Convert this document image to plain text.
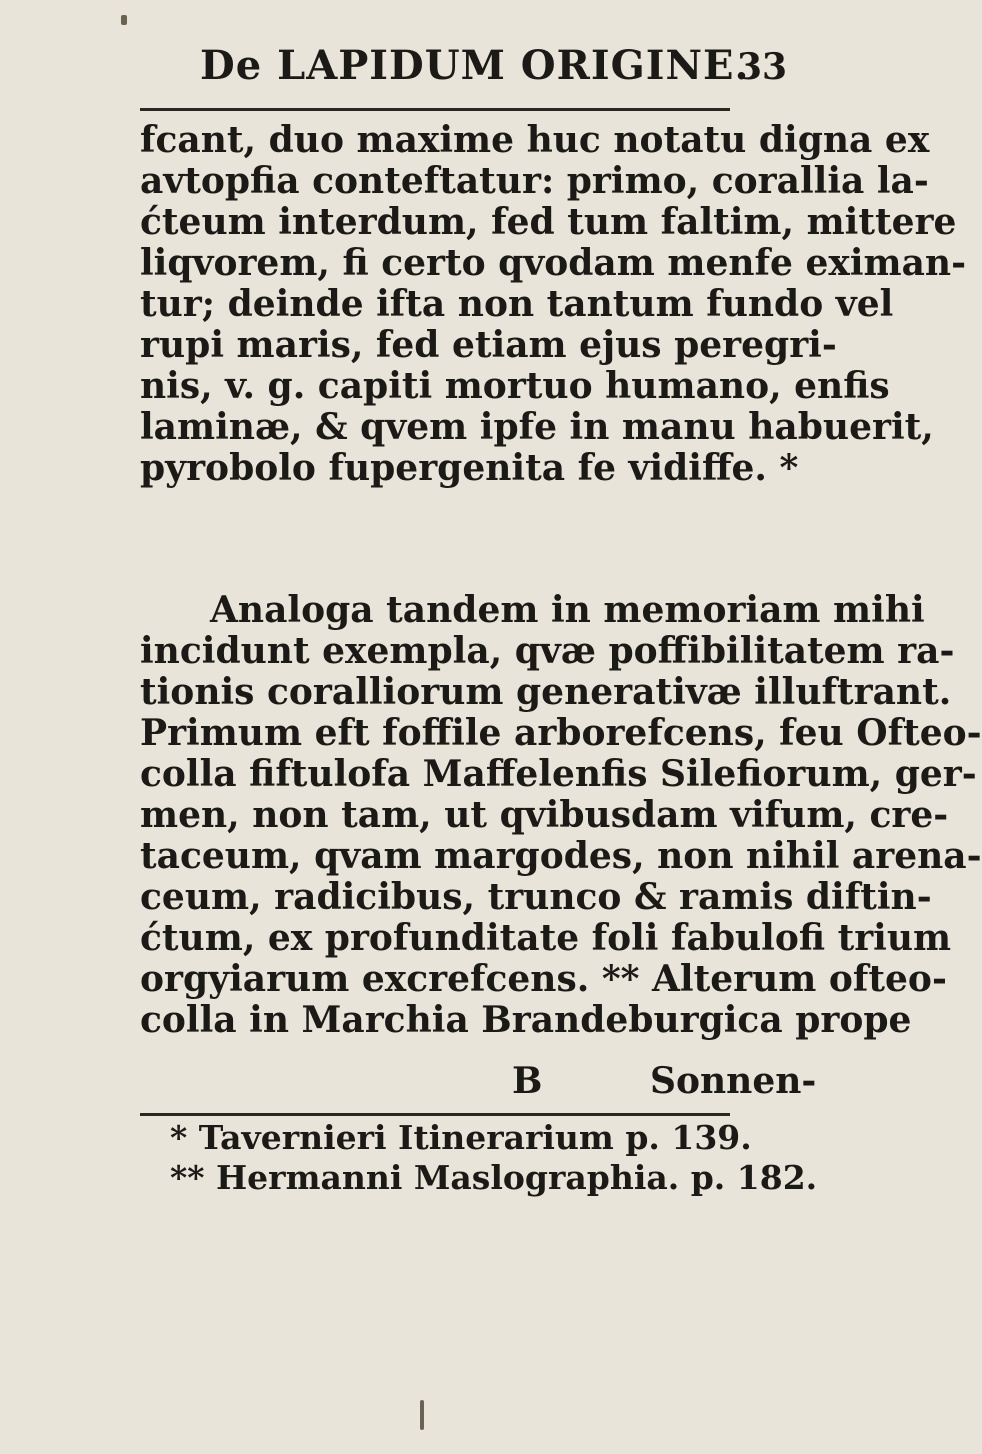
De LAPIDUM ORIGINE.
33
fcant, duo maxime huc notatu digna ex
avtopfia conteftatur: primo, corallia la-
ćteum interdum, fed tum faltim, mittere
liqvorem, fi certo qvodam menfe eximan-
tur; deinde ifta non tantum fundo vel
rupi maris, fed etiam ejus peregri-
nis, v. g. capiti mortuo humano, enfis
laminæ, & qvem ipfe in manu habuerit,
pyrobolo fupergenita fe vidiffe. *
Analoga tandem in memoriam mihi
incidunt exempla, qvæ poffibilitatem ra-
tionis coralliorum generativæ illuftrant.
Primum eft foffile arborefcens, feu Ofteo-
colla fiftulofa Maffelenfis Silefiorum, ger-
men, non tam, ut qvibusdam vifum, cre-
taceum, qvam margodes, non nihil arena-
ceum, radicibus, trunco & ramis diftin-
ćtum, ex profunditate foli fabulofi trium
orgyiarum excrefcens. ** Alterum ofteo-
colla in Marchia Brandeburgica prope
B	Sonnen-
* Tavernieri Itinerarium p. 139.
** Hermanni Maslographia. p. 182.
